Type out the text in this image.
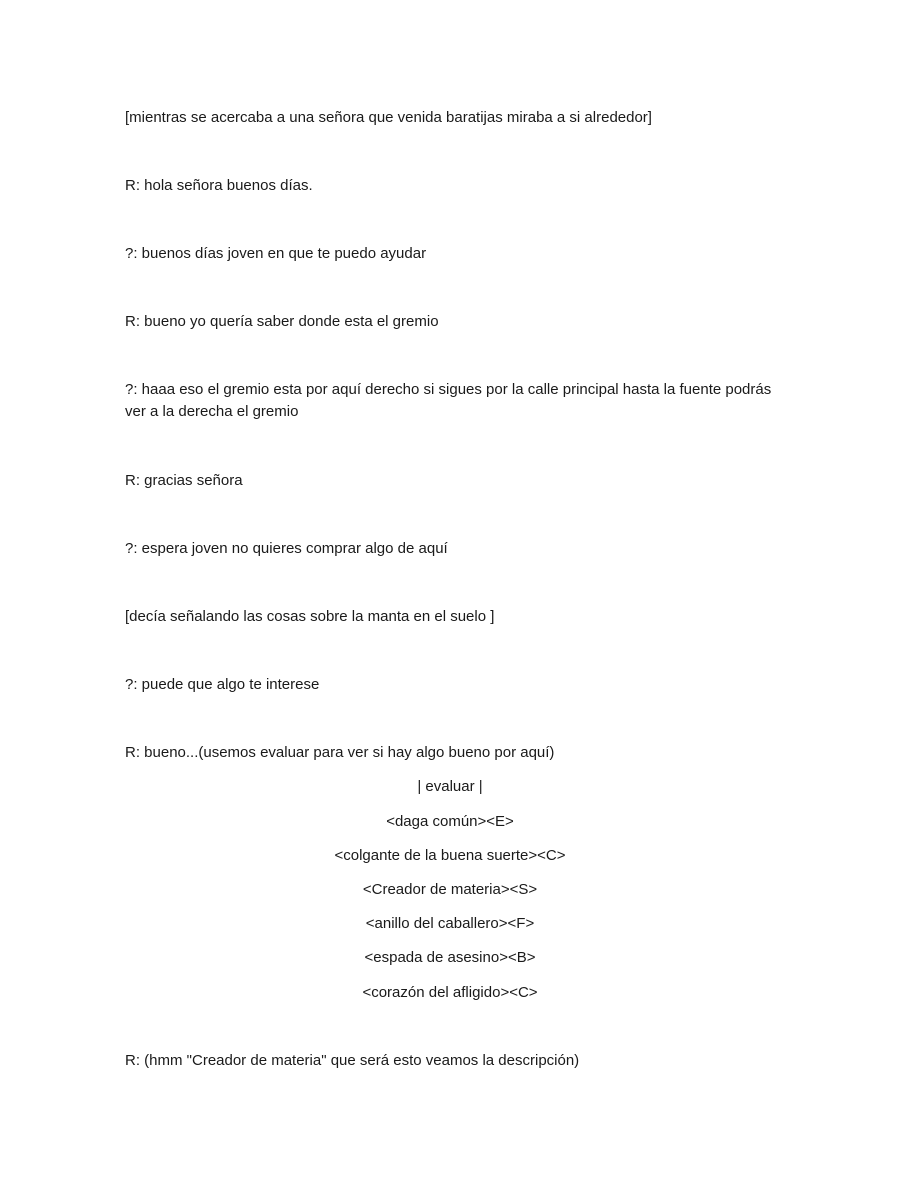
[mientras se acercaba a una señora que venida baratijas miraba a si alrededor]

R: hola señora buenos días.

?: buenos días joven en que te puedo ayudar

R: bueno yo quería saber donde esta el gremio

?: haaa eso el gremio esta por aquí derecho si sigues por la calle principal hasta la fuente podrás ver a la derecha el gremio

R: gracias señora

?: espera joven no quieres comprar algo de aquí

[decía señalando las cosas sobre la manta en el suelo ]

?: puede que algo te interese

R: bueno...(usemos evaluar para ver si hay algo bueno por aquí)

| evaluar |

<daga común><E>

<colgante de la buena suerte><C>

<Creador de materia><S>

<anillo del caballero><F>

<espada de asesino><B>

<corazón del afligido><C>

R: (hmm "Creador de materia" que será esto veamos la descripción)
